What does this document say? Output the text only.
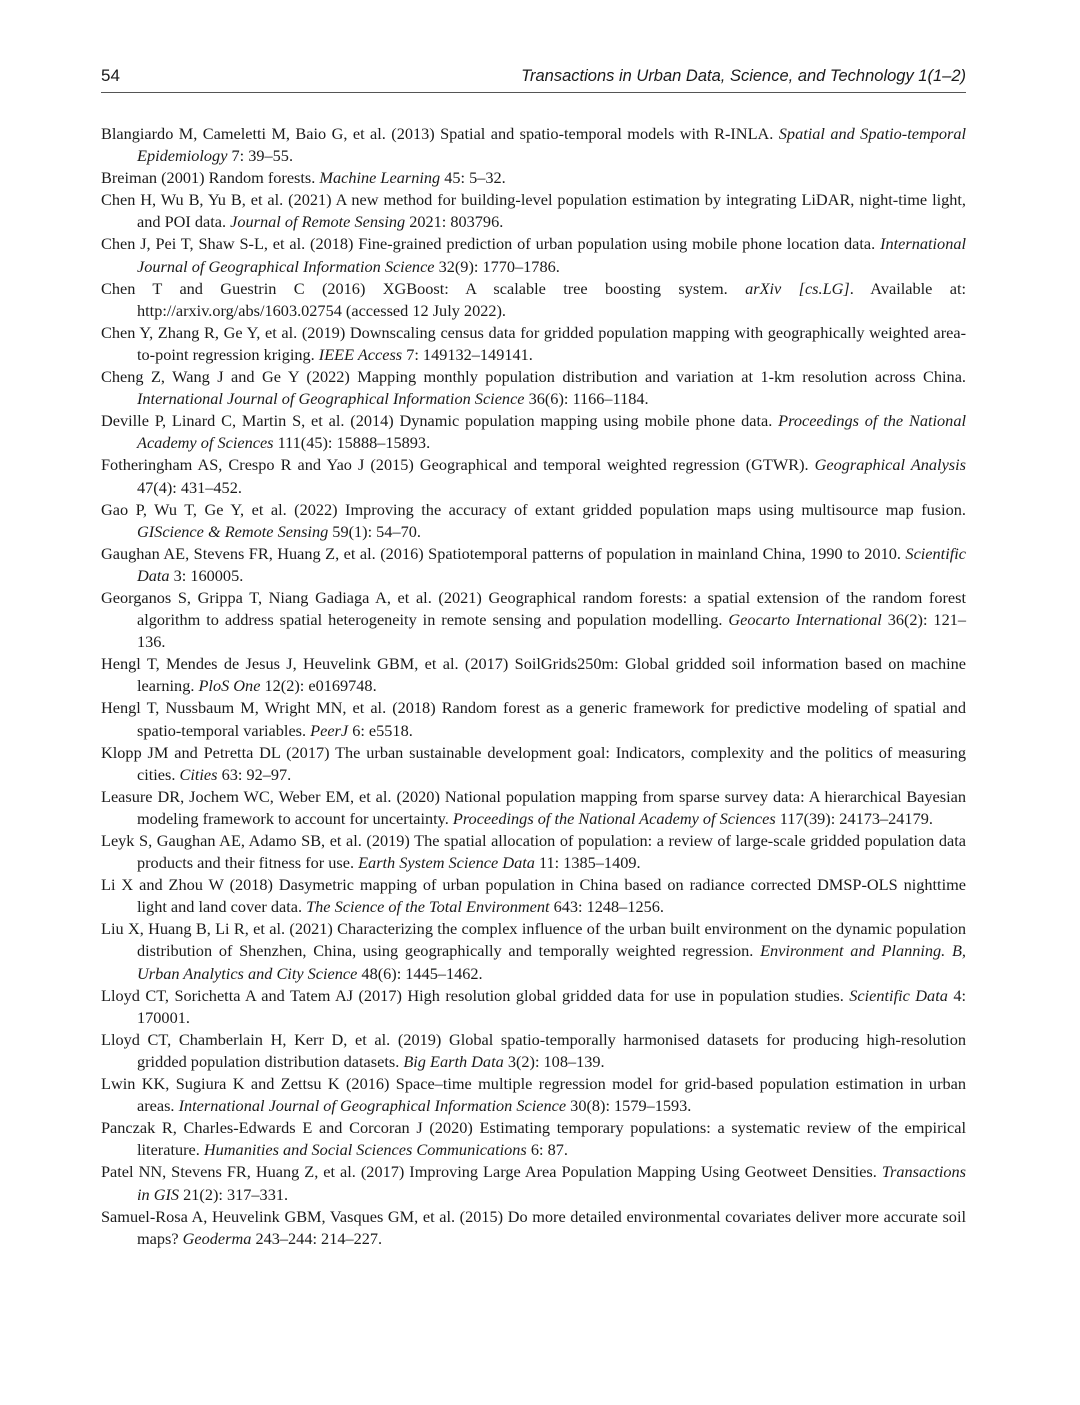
54	Transactions in Urban Data, Science, and Technology 1(1–2)
Blangiardo M, Cameletti M, Baio G, et al. (2013) Spatial and spatio-temporal models with R-INLA. Spatial and Spatio-temporal Epidemiology 7: 39–55.
Breiman (2001) Random forests. Machine Learning 45: 5–32.
Chen H, Wu B, Yu B, et al. (2021) A new method for building-level population estimation by integrating LiDAR, night-time light, and POI data. Journal of Remote Sensing 2021: 803796.
Chen J, Pei T, Shaw S-L, et al. (2018) Fine-grained prediction of urban population using mobile phone location data. International Journal of Geographical Information Science 32(9): 1770–1786.
Chen T and Guestrin C (2016) XGBoost: A scalable tree boosting system. arXiv [cs.LG]. Available at: http://arxiv.org/abs/1603.02754 (accessed 12 July 2022).
Chen Y, Zhang R, Ge Y, et al. (2019) Downscaling census data for gridded population mapping with geographically weighted area-to-point regression kriging. IEEE Access 7: 149132–149141.
Cheng Z, Wang J and Ge Y (2022) Mapping monthly population distribution and variation at 1-km resolution across China. International Journal of Geographical Information Science 36(6): 1166–1184.
Deville P, Linard C, Martin S, et al. (2014) Dynamic population mapping using mobile phone data. Proceedings of the National Academy of Sciences 111(45): 15888–15893.
Fotheringham AS, Crespo R and Yao J (2015) Geographical and temporal weighted regression (GTWR). Geographical Analysis 47(4): 431–452.
Gao P, Wu T, Ge Y, et al. (2022) Improving the accuracy of extant gridded population maps using multisource map fusion. GIScience & Remote Sensing 59(1): 54–70.
Gaughan AE, Stevens FR, Huang Z, et al. (2016) Spatiotemporal patterns of population in mainland China, 1990 to 2010. Scientific Data 3: 160005.
Georganos S, Grippa T, Niang Gadiaga A, et al. (2021) Geographical random forests: a spatial extension of the random forest algorithm to address spatial heterogeneity in remote sensing and population modelling. Geocarto International 36(2): 121–136.
Hengl T, Mendes de Jesus J, Heuvelink GBM, et al. (2017) SoilGrids250m: Global gridded soil information based on machine learning. PloS One 12(2): e0169748.
Hengl T, Nussbaum M, Wright MN, et al. (2018) Random forest as a generic framework for predictive modeling of spatial and spatio-temporal variables. PeerJ 6: e5518.
Klopp JM and Petretta DL (2017) The urban sustainable development goal: Indicators, complexity and the politics of measuring cities. Cities 63: 92–97.
Leasure DR, Jochem WC, Weber EM, et al. (2020) National population mapping from sparse survey data: A hierarchical Bayesian modeling framework to account for uncertainty. Proceedings of the National Academy of Sciences 117(39): 24173–24179.
Leyk S, Gaughan AE, Adamo SB, et al. (2019) The spatial allocation of population: a review of large-scale gridded population data products and their fitness for use. Earth System Science Data 11: 1385–1409.
Li X and Zhou W (2018) Dasymetric mapping of urban population in China based on radiance corrected DMSP-OLS nighttime light and land cover data. The Science of the Total Environment 643: 1248–1256.
Liu X, Huang B, Li R, et al. (2021) Characterizing the complex influence of the urban built environment on the dynamic population distribution of Shenzhen, China, using geographically and temporally weighted regression. Environment and Planning. B, Urban Analytics and City Science 48(6): 1445–1462.
Lloyd CT, Sorichetta A and Tatem AJ (2017) High resolution global gridded data for use in population studies. Scientific Data 4: 170001.
Lloyd CT, Chamberlain H, Kerr D, et al. (2019) Global spatio-temporally harmonised datasets for producing high-resolution gridded population distribution datasets. Big Earth Data 3(2): 108–139.
Lwin KK, Sugiura K and Zettsu K (2016) Space–time multiple regression model for grid-based population estimation in urban areas. International Journal of Geographical Information Science 30(8): 1579–1593.
Panczak R, Charles-Edwards E and Corcoran J (2020) Estimating temporary populations: a systematic review of the empirical literature. Humanities and Social Sciences Communications 6: 87.
Patel NN, Stevens FR, Huang Z, et al. (2017) Improving Large Area Population Mapping Using Geotweet Densities. Transactions in GIS 21(2): 317–331.
Samuel-Rosa A, Heuvelink GBM, Vasques GM, et al. (2015) Do more detailed environmental covariates deliver more accurate soil maps? Geoderma 243–244: 214–227.
